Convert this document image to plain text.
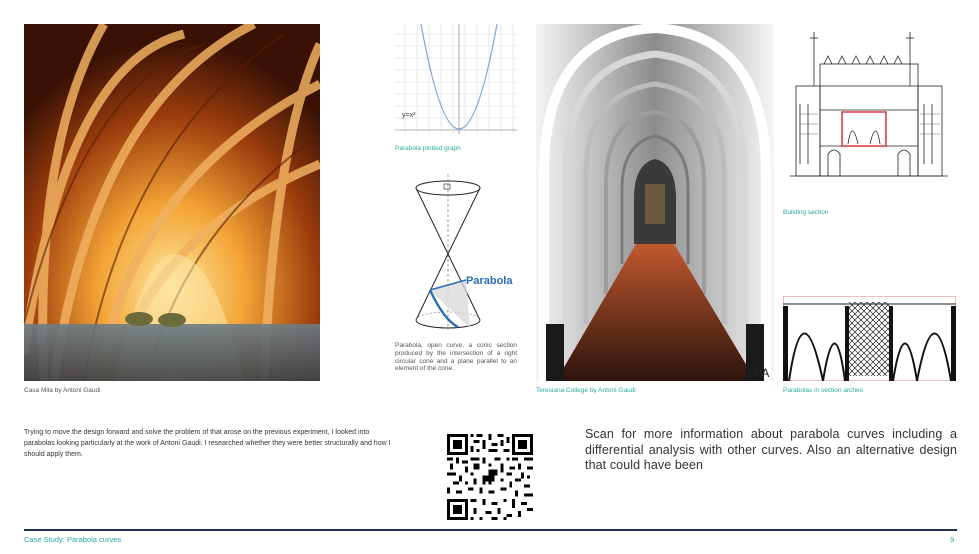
Casa Mila by Antoni Gaudi
y=x²
Parabola plotted graph
Parabola
Parabola, open curve, a conic section produced by the intersection of a right circular cone and a plane parallel to an element of the cone.	LHA
Teresiana College by Antoni Gaudi
Building section
Parabolas in section arches
Trying to move the design forward and solve the problem of that arose on the previous experiment, I looked into parabolas looking particularly at the work of Antoni Gaudi. I researched whether they were better structurally and how I should apply them.
Scan for more information about parabola curves including a differential analysis with other curves. Also an alternative design that could have been
Case Study: Parabola curves	9
